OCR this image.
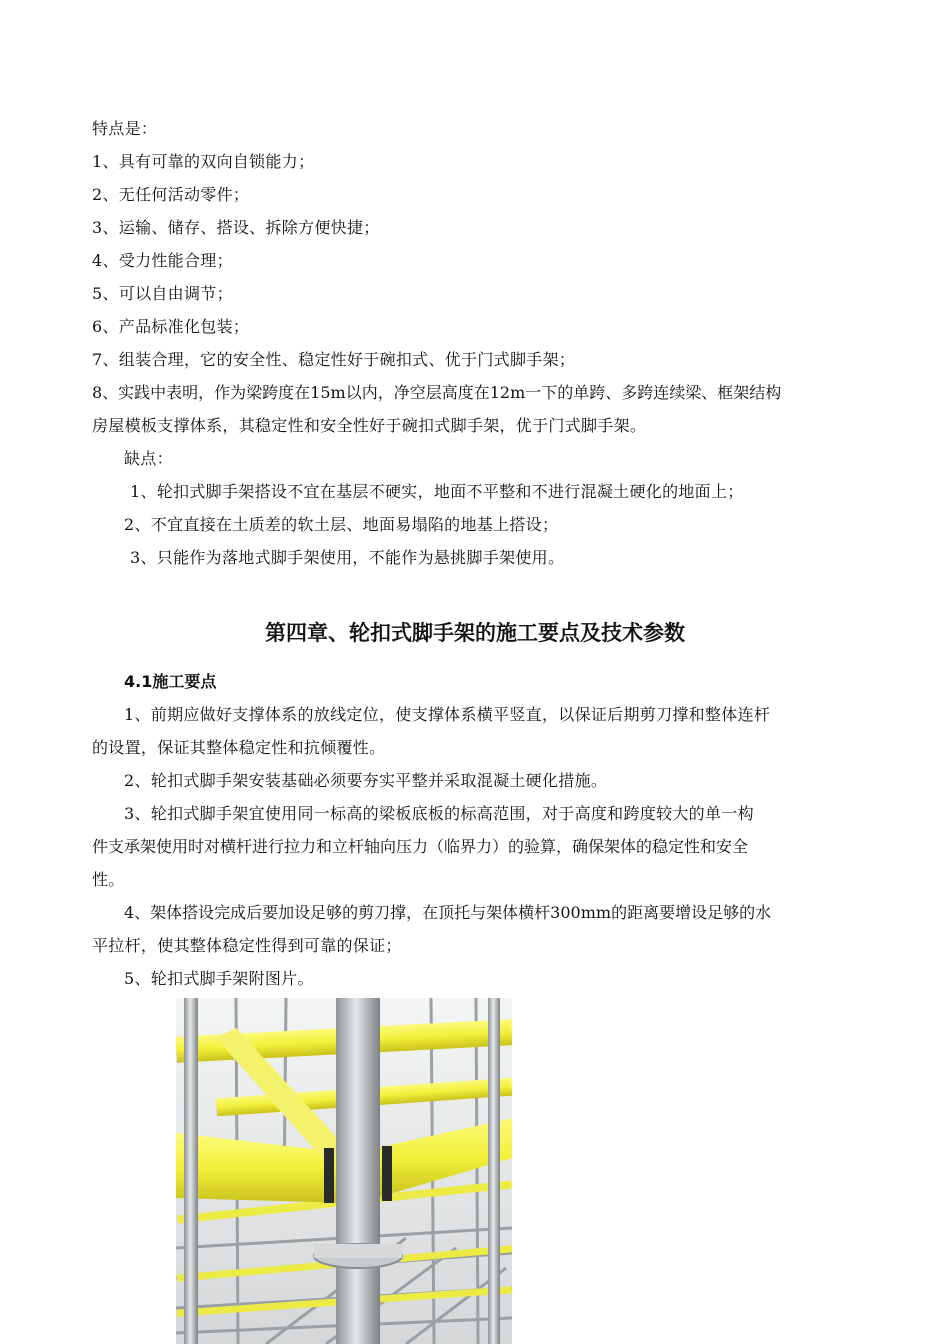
特点是：
1、具有可靠的双向自锁能力；
2、无任何活动零件；
3、运输、储存、搭设、拆除方便快捷；
4、受力性能合理；
5、可以自由调节；
6、产品标准化包装；
7、组装合理，它的安全性、稳定性好于碗扣式、优于门式脚手架；
8、实践中表明，作为梁跨度在15m以内，净空层高度在12m一下的单跨、多跨连续梁、框架结构
房屋模板支撑体系，其稳定性和安全性好于碗扣式脚手架，优于门式脚手架。
缺点：
1、轮扣式脚手架搭设不宜在基层不硬实，地面不平整和不进行混凝土硬化的地面上；
2、不宜直接在土质差的软土层、地面易塌陷的地基上搭设；
3、只能作为落地式脚手架使用，不能作为悬挑脚手架使用。
第四章、轮扣式脚手架的施工要点及技术参数
4.1施工要点
1、前期应做好支撑体系的放线定位，使支撑体系横平竖直，以保证后期剪刀撑和整体连杆
的设置，保证其整体稳定性和抗倾覆性。
2、轮扣式脚手架安装基础必须要夯实平整并采取混凝土硬化措施。
3、轮扣式脚手架宜使用同一标高的梁板底板的标高范围，对于高度和跨度较大的单一构
件支承架使用时对横杆进行拉力和立杆轴向压力（临界力）的验算，确保架体的稳定性和安全
性。
4、架体搭设完成后要加设足够的剪刀撑，在顶托与架体横杆300mm的距离要增设足够的水
平拉杆，使其整体稳定性得到可靠的保证；
5、轮扣式脚手架附图片。
